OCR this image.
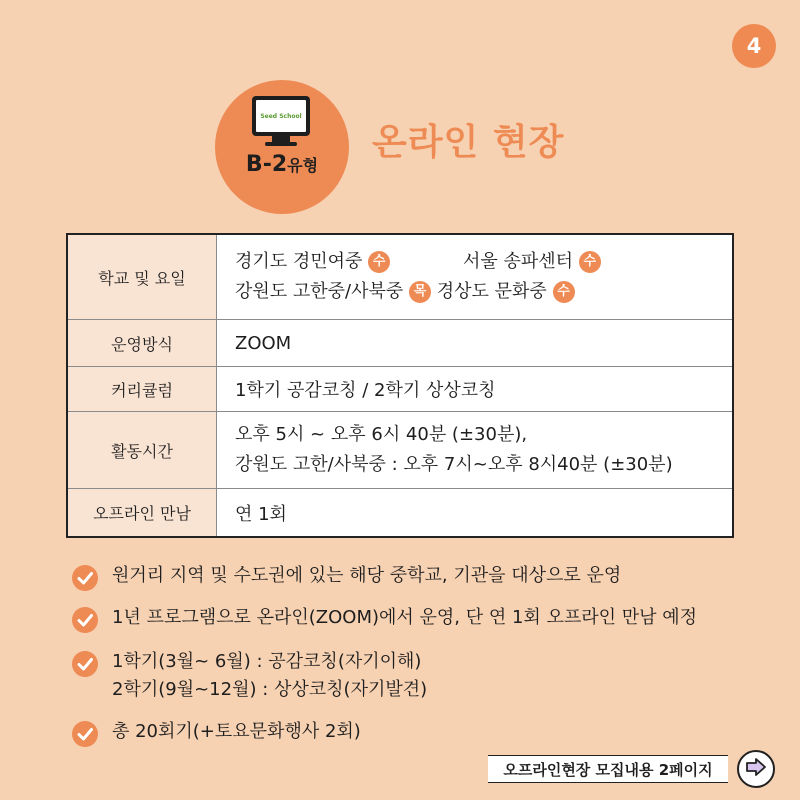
4
Seed School
B-2유형
온라인 현장
학교 및 요일	경기도 경민여중 수 서울 송파센터 수
강원도 고한중/사북중 목 경상도 문화중 수

운영방식	ZOOM
커리큘럼	1학기 공감코칭 / 2학기 상상코칭
활동시간	오후 5시 ~ 오후 6시 40분 (±30분),
강원도 고한/사북중 : 오후 7시~오후 8시40분 (±30분)

오프라인 만남	연 1회
원거리 지역 및 수도권에 있는 해당 중학교, 기관을 대상으로 운영
1년 프로그램으로 온라인(ZOOM)에서 운영, 단 연 1회 오프라인 만남 예정
1학기(3월~ 6월) : 공감코칭(자기이해)
2학기(9월~12월) : 상상코칭(자기발견)
총 20회기(+토요문화행사 2회)
오프라인현장 모집내용 2페이지
